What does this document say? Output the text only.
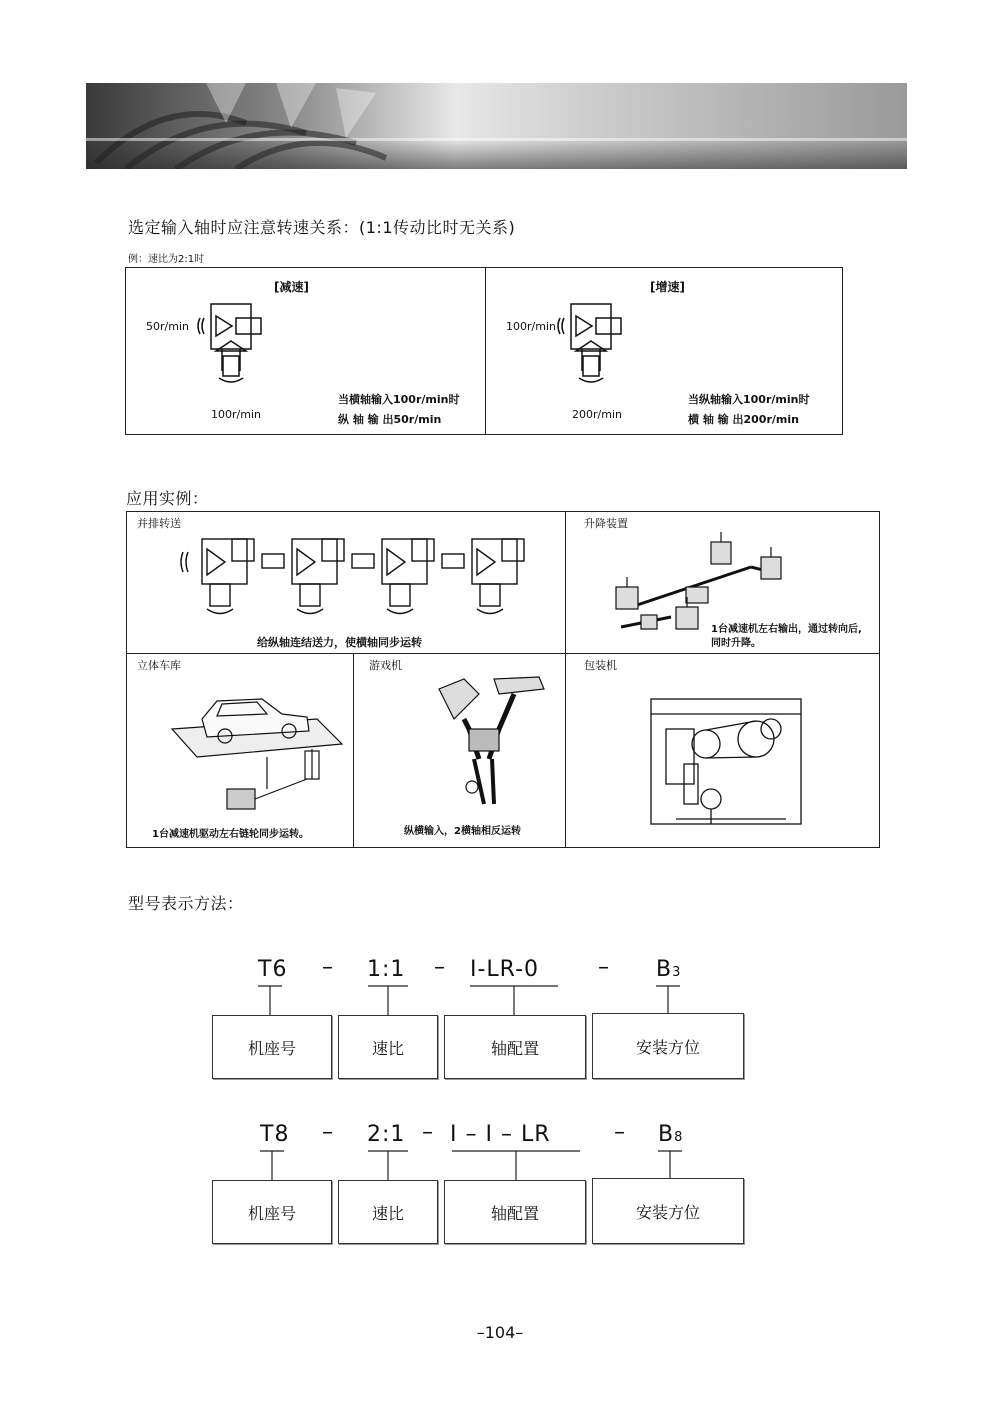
选定输入轴时应注意转速关系：(1:1传动比时无关系)
例：速比为2:1时
[减速]
50r/min
100r/min
当横轴输入100r/min时
纵 轴 输 出50r/min
[增速]
100r/min
200r/min
当纵轴输入100r/min时
横 轴 输 出200r/min
应用实例：
并排转送
给纵轴连结送力，使横轴同步运转
升降装置
1台减速机左右输出，通过转向后,
同时升降。
立体车库
1台减速机驱动左右链轮同步运转。
游戏机
纵横输入，2横轴相反运转
包装机
型号表示方法：
T6 – 1:1 – I-LR-0	– B3
机座号	速比	轴配置	安装方位
T8 – 2:1 – I – I – LR	– B8
机座号	速比	轴配置	安装方位
–104–
